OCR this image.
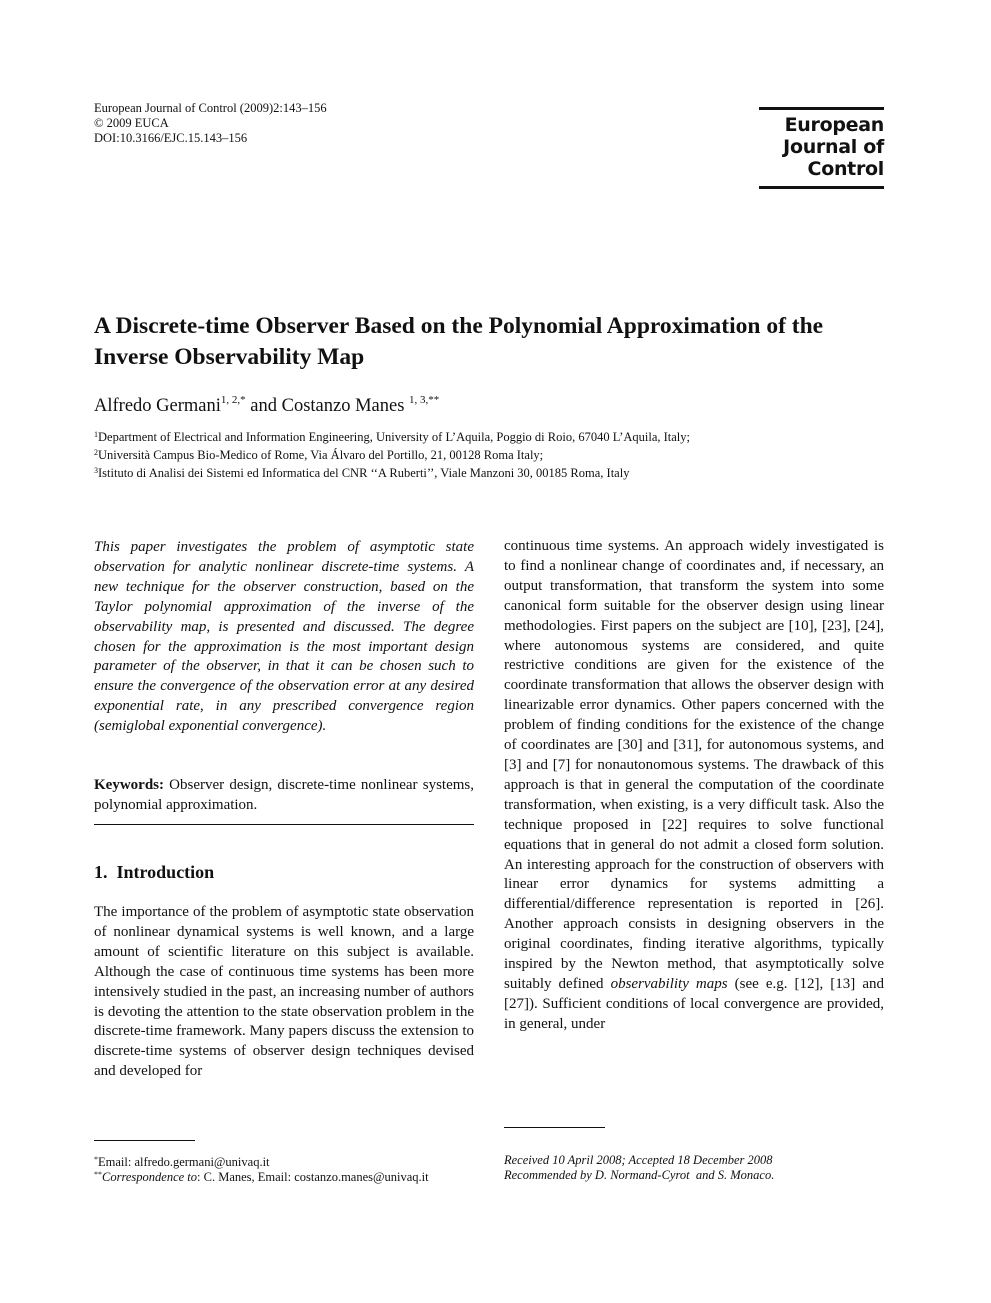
European Journal of Control (2009)2:143–156
© 2009 EUCA
DOI:10.3166/EJC.15.143–156
European
Journal of
Control
A Discrete-time Observer Based on the Polynomial Approximation of the Inverse Observability Map
Alfredo Germani$^{1, 2,*}$ and Costanzo Manes $^{1, 3,**}$
$^1$Department of Electrical and Information Engineering, University of L’Aquila, Poggio di Roio, 67040 L’Aquila, Italy;
$^2$Università Campus Bio-Medico of Rome, Via Álvaro del Portillo, 21, 00128 Roma Italy;
$^3$Istituto di Analisi dei Sistemi ed Informatica del CNR ‘‘A Ruberti’’, Viale Manzoni 30, 00185 Roma, Italy
This paper investigates the problem of asymptotic state observation for analytic nonlinear discrete-time systems. A new technique for the observer construction, based on the Taylor polynomial approximation of the inverse of the observability map, is presented and discussed. The degree chosen for the approximation is the most important design parameter of the observer, in that it can be chosen such to ensure the convergence of the observation error at any desired exponential rate, in any prescribed convergence region (semiglobal exponential convergence).
Keywords: Observer design, discrete-time nonlinear systems, polynomial approximation.
1. Introduction
The importance of the problem of asymptotic state observation of nonlinear dynamical systems is well known, and a large amount of scientific literature on this subject is available. Although the case of continuous time systems has been more intensively studied in the past, an increasing number of authors is devoting the attention to the state observation problem in the discrete-time framework. Many papers discuss the extension to discrete-time systems of observer design techniques devised and developed for
continuous time systems. An approach widely investigated is to find a nonlinear change of coordinates and, if necessary, an output transformation, that transform the system into some canonical form suitable for the observer design using linear methodologies. First papers on the subject are [10], [23], [24], where autonomous systems are considered, and quite restrictive conditions are given for the existence of the coordinate transformation that allows the observer design with linearizable error dynamics. Other papers concerned with the problem of finding conditions for the existence of the change of coordinates are [30] and [31], for autonomous systems, and [3] and [7] for nonautonomous systems. The drawback of this approach is that in general the computation of the coordinate transformation, when existing, is a very difficult task. Also the technique proposed in [22] requires to solve functional equations that in general do not admit a closed form solution. An interesting approach for the construction of observers with linear error dynamics for systems admitting a differential/difference representation is reported in [26]. Another approach consists in designing observers in the original coordinates, finding iterative algorithms, typically inspired by the Newton method, that asymptotically solve suitably defined observability maps (see e.g. [12], [13] and [27]). Sufficient conditions of local convergence are provided, in general, under
*Email: alfredo.germani@univaq.it
**Correspondence to: C. Manes, Email: costanzo.manes@univaq.it
Received 10 April 2008; Accepted 18 December 2008
Recommended by D. Normand-Cyrot  and S. Monaco.
